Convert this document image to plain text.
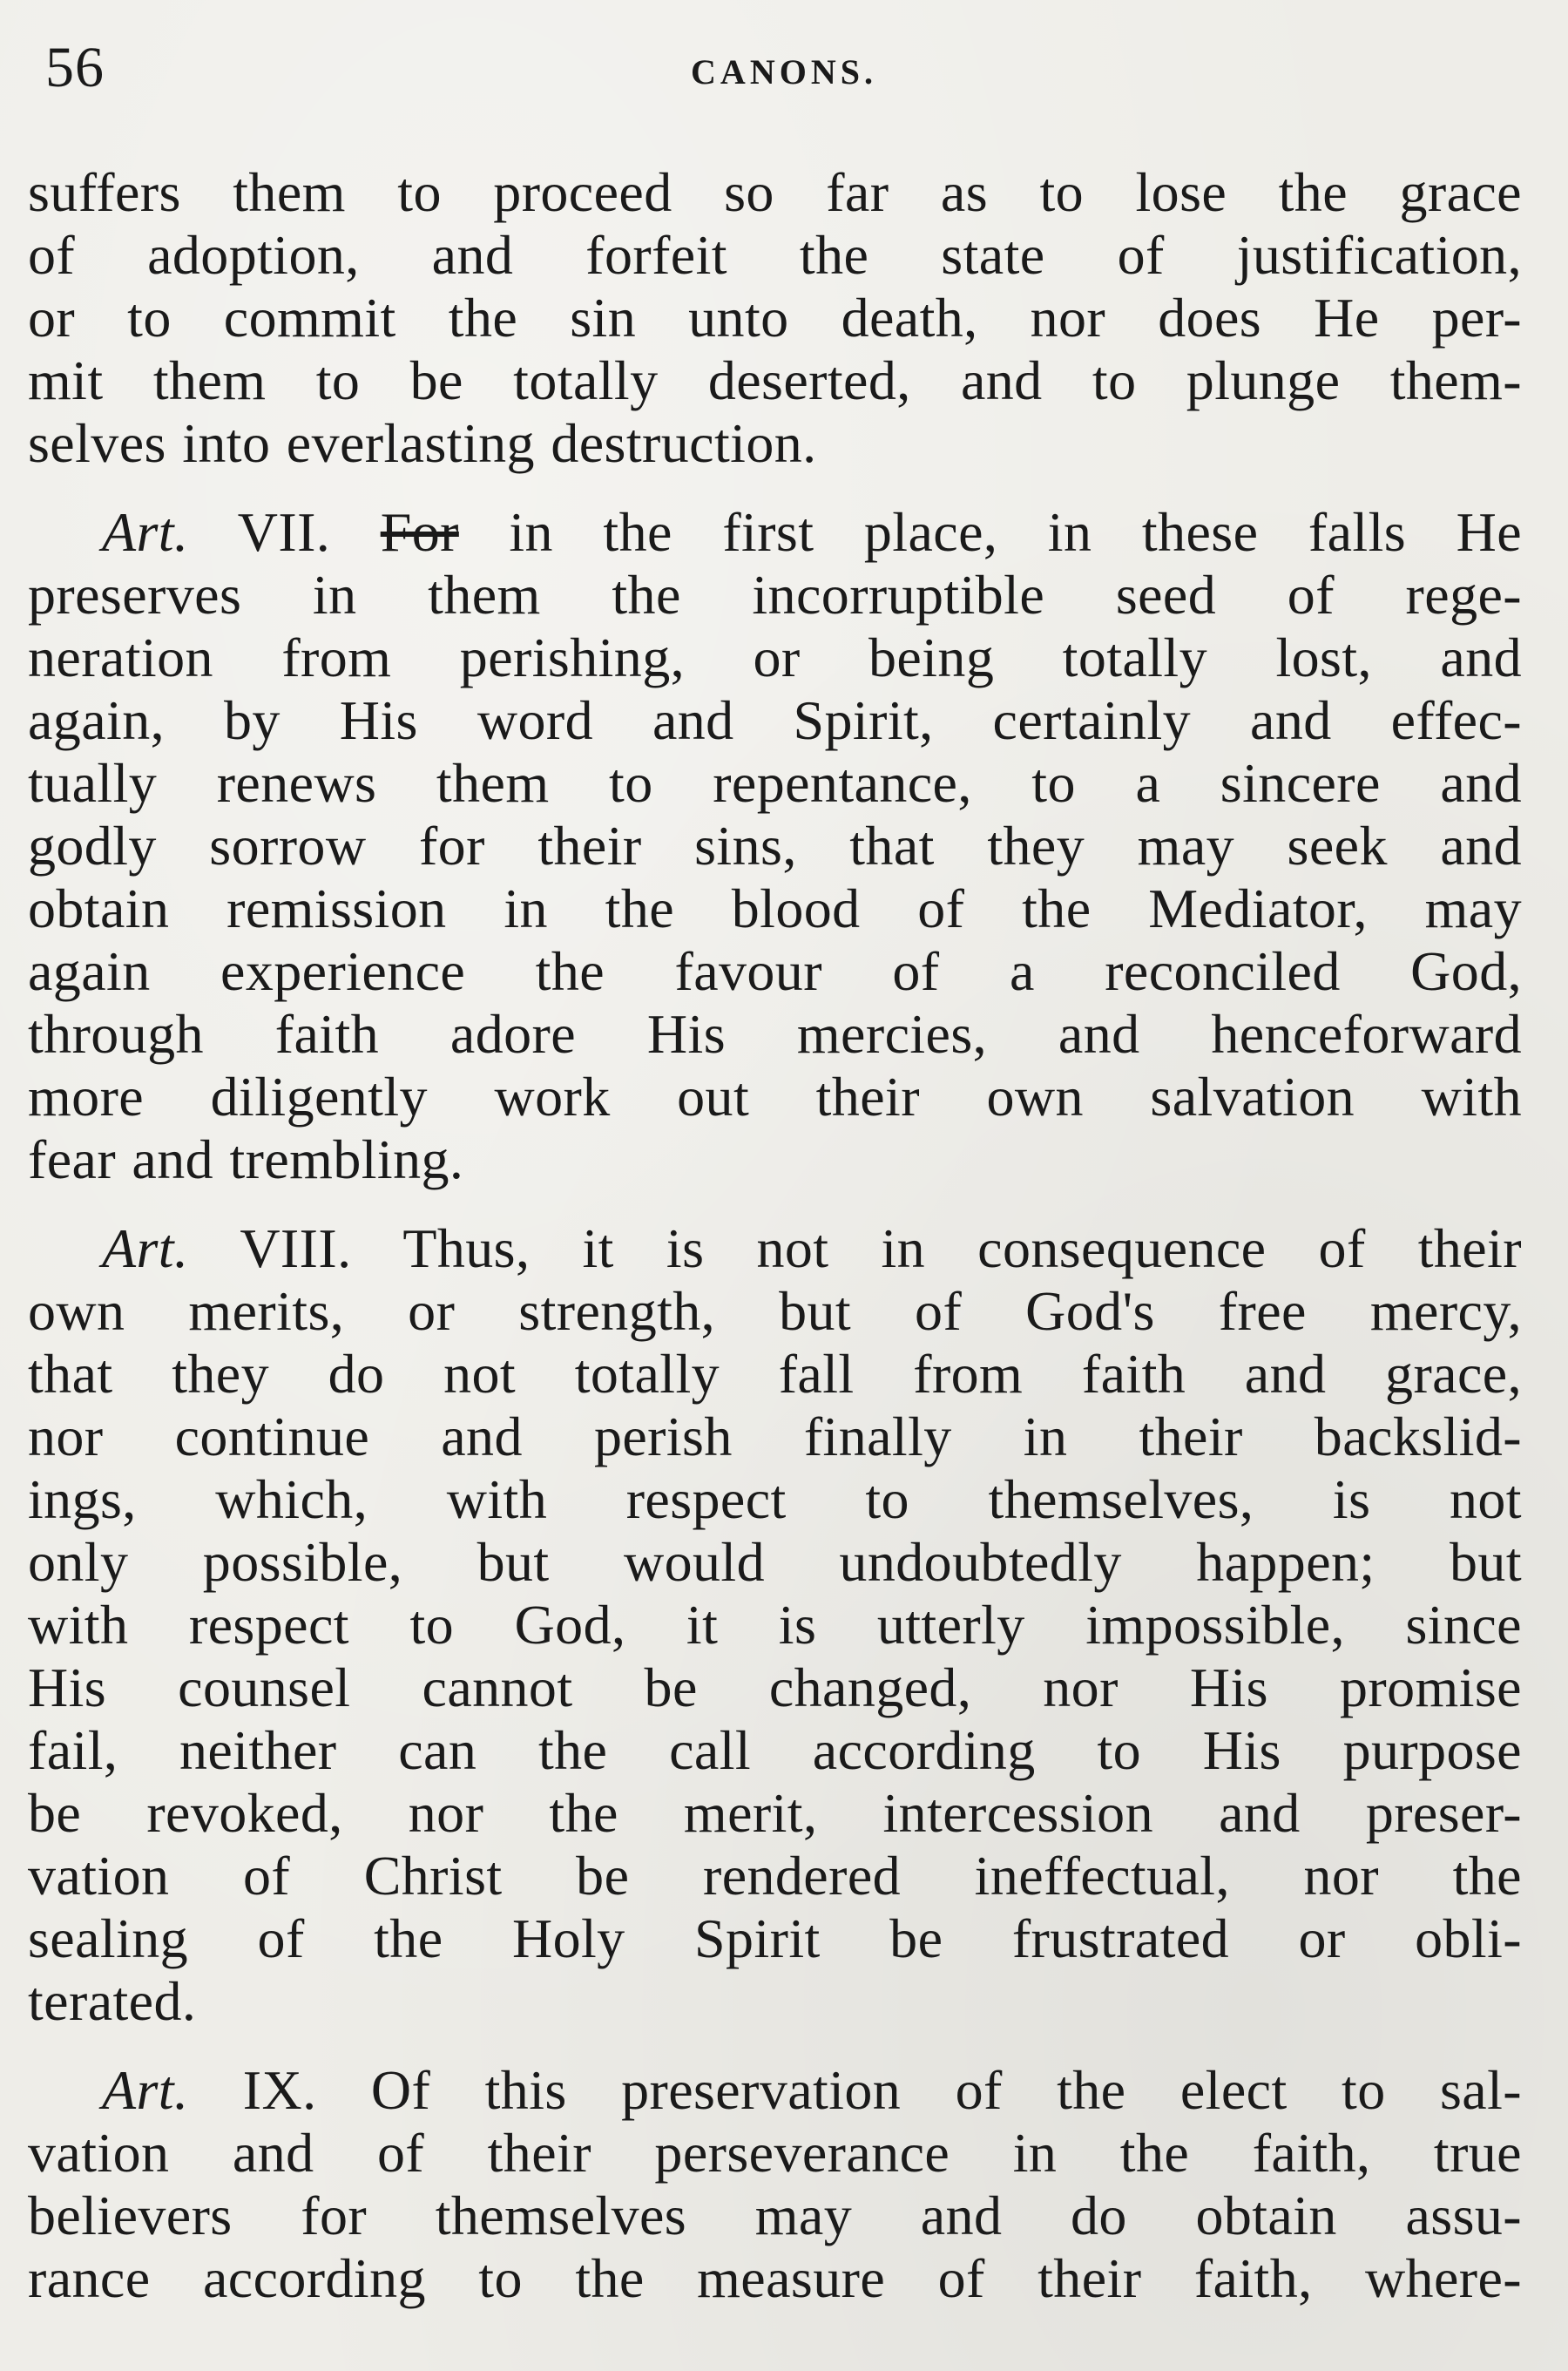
56	CANONS.
suffers them to proceed so far as to lose the grace
of adoption, and forfeit the state of justification,
or to commit the sin unto death, nor does He per-
mit them to be totally deserted, and to plunge them-
selves into everlasting destruction.
Art. VII. For in the first place, in these falls He
preserves in them the incorruptible seed of rege-
neration from perishing, or being totally lost, and
again, by His word and Spirit, certainly and effec-
tually renews them to repentance, to a sincere and
godly sorrow for their sins, that they may seek and
obtain remission in the blood of the Mediator, may
again experience the favour of a reconciled God,
through faith adore His mercies, and henceforward
more diligently work out their own salvation with
fear and trembling.
Art. VIII. Thus, it is not in consequence of their
own merits, or strength, but of God's free mercy,
that they do not totally fall from faith and grace,
nor continue and perish finally in their backslid-
ings, which, with respect to themselves, is not
only possible, but would undoubtedly happen; but
with respect to God, it is utterly impossible, since
His counsel cannot be changed, nor His promise
fail, neither can the call according to His purpose
be revoked, nor the merit, intercession and preser-
vation of Christ be rendered ineffectual, nor the
sealing of the Holy Spirit be frustrated or obli-
terated.
Art. IX. Of this preservation of the elect to sal-
vation and of their perseverance in the faith, true
believers for themselves may and do obtain assu-
rance according to the measure of their faith, where-
